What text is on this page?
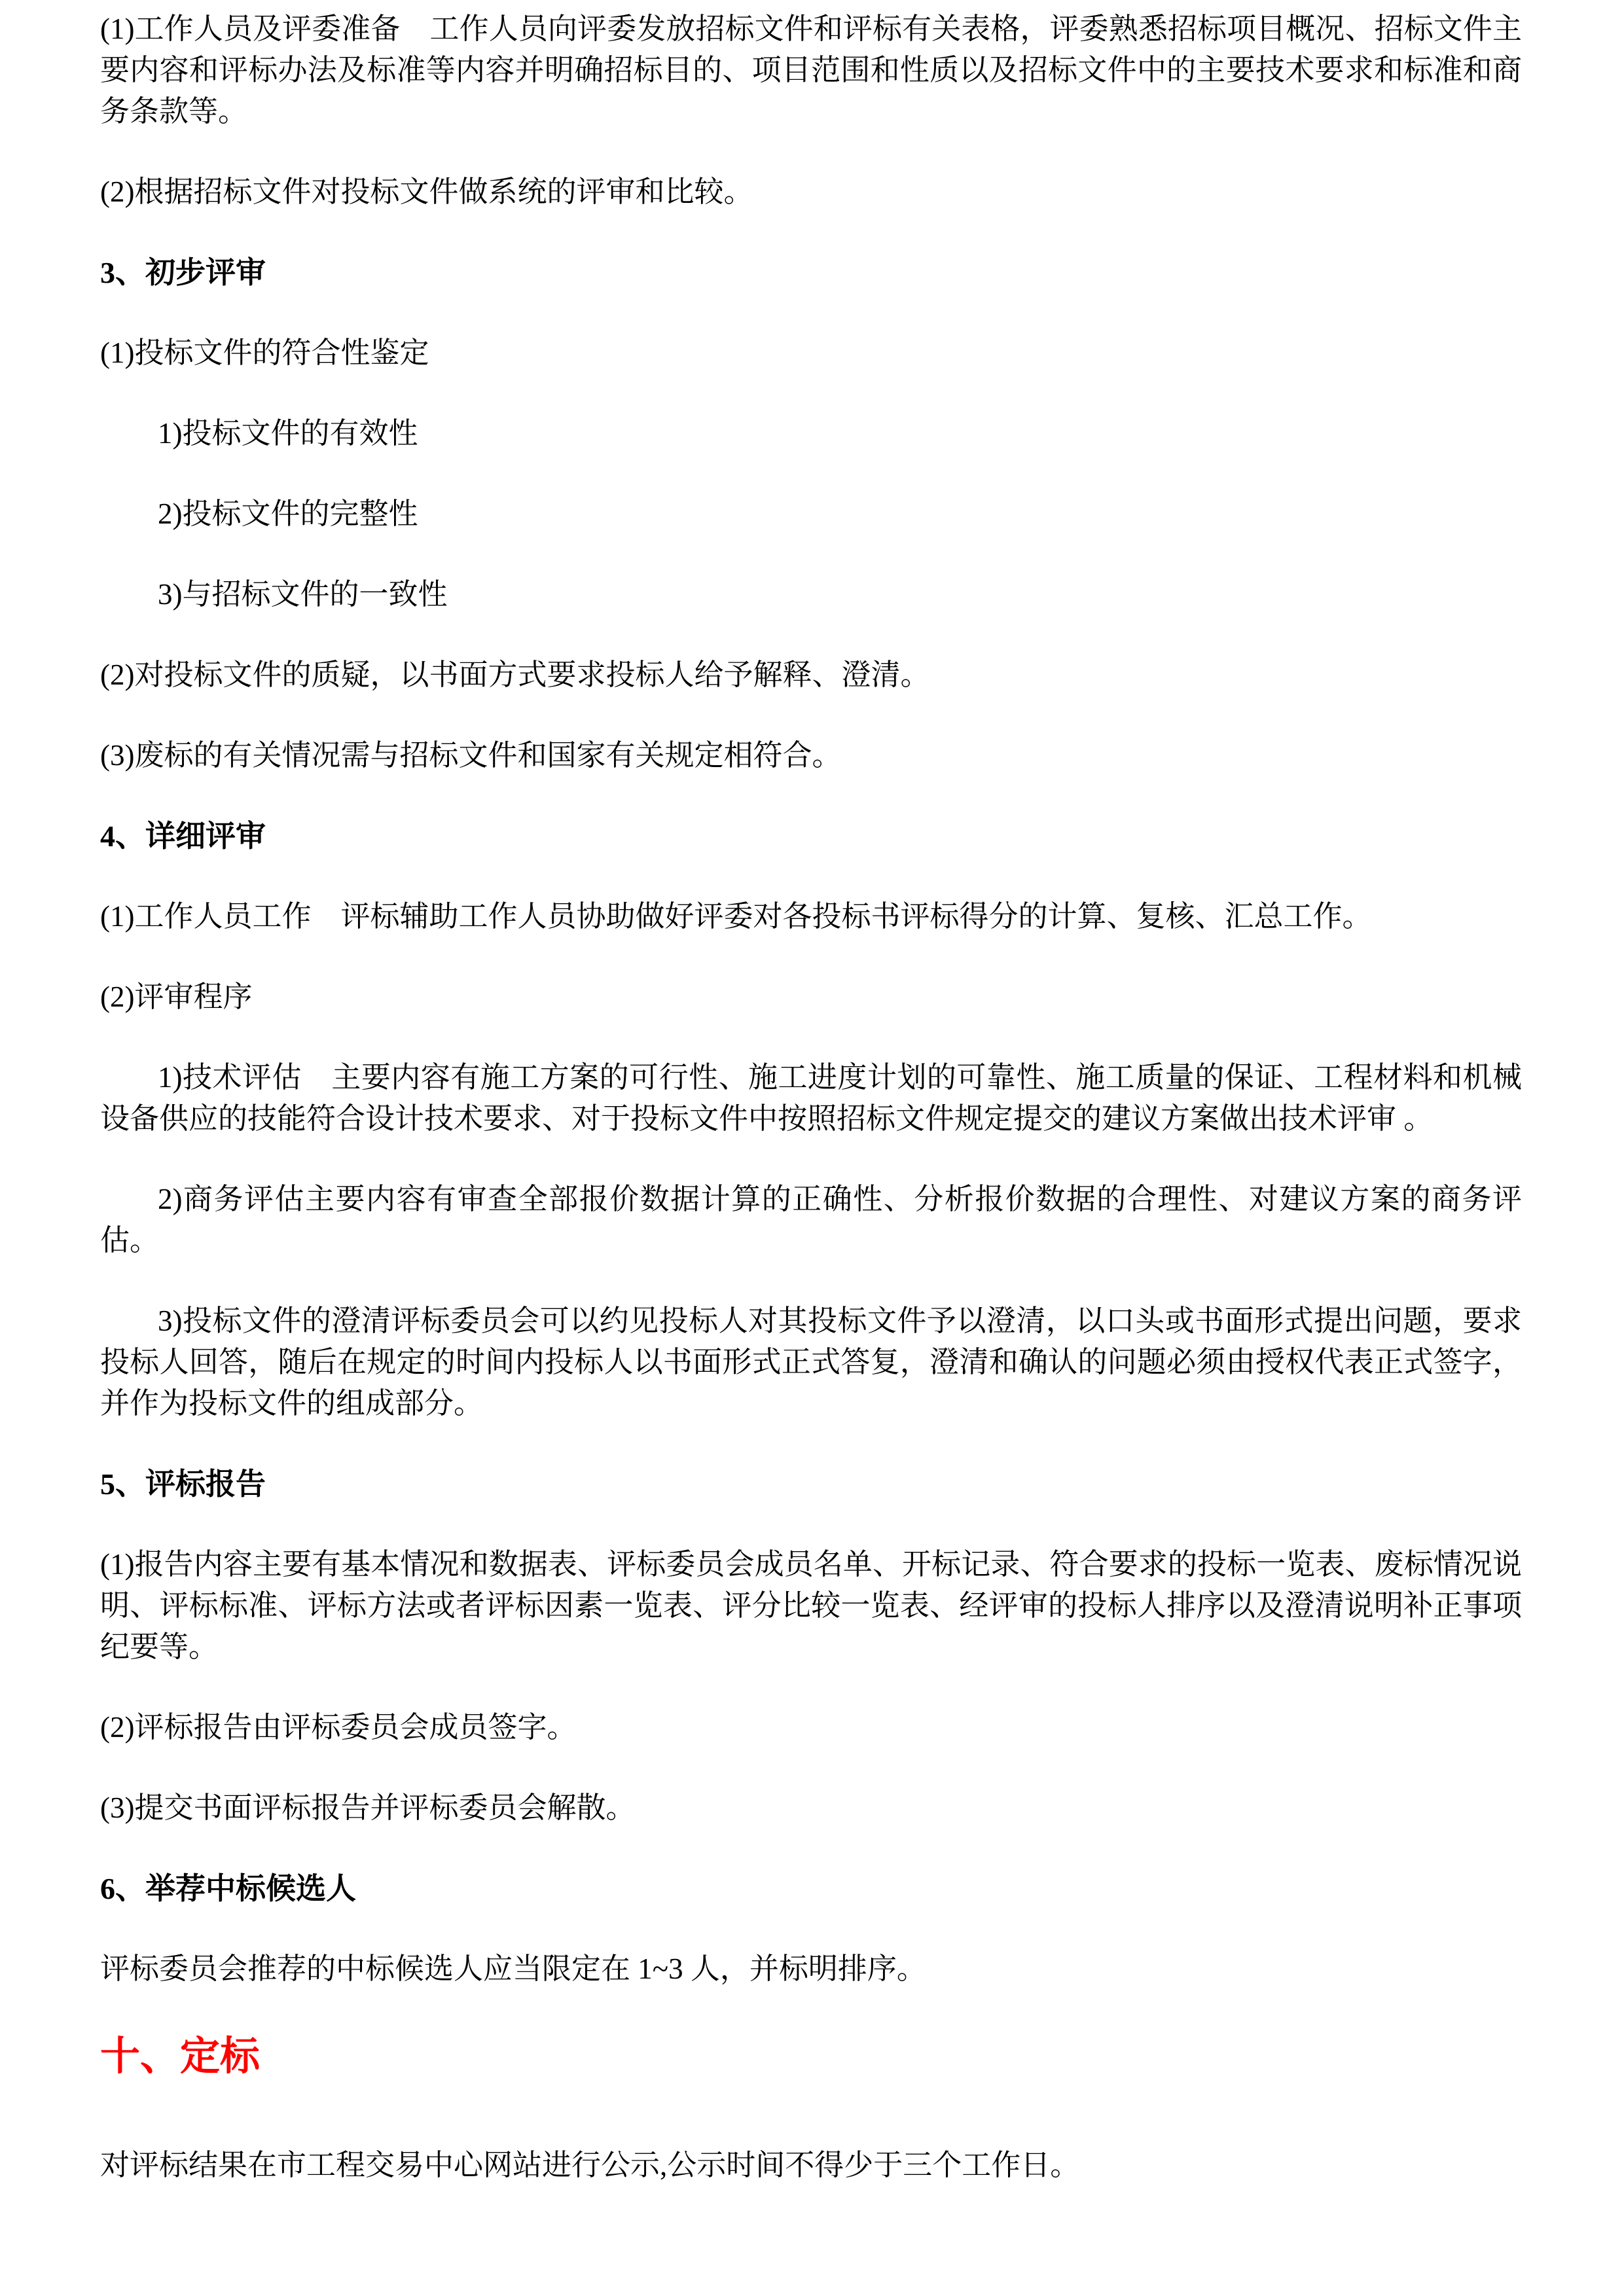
(1)工作人员及评委准备　工作人员向评委发放招标文件和评标有关表格，评委熟悉招标项目概况、招标文件主要内容和评标办法及标准等内容并明确招标目的、项目范围和性质以及招标文件中的主要技术要求和标准和商务条款等。
(2)根据招标文件对投标文件做系统的评审和比较。
3、初步评审
(1)投标文件的符合性鉴定
1)投标文件的有效性
2)投标文件的完整性
3)与招标文件的一致性
(2)对投标文件的质疑，以书面方式要求投标人给予解释、澄清。
(3)废标的有关情况需与招标文件和国家有关规定相符合。
4、详细评审
(1)工作人员工作　评标辅助工作人员协助做好评委对各投标书评标得分的计算、复核、汇总工作。
(2)评审程序
1)技术评估　主要内容有施工方案的可行性、施工进度计划的可靠性、施工质量的保证、工程材料和机械设备供应的技能符合设计技术要求、对于投标文件中按照招标文件规定提交的建议方案做出技术评审 。
2)商务评估主要内容有审查全部报价数据计算的正确性、分析报价数据的合理性、对建议方案的商务评估。
3)投标文件的澄清评标委员会可以约见投标人对其投标文件予以澄清，以口头或书面形式提出问题，要求投标人回答，随后在规定的时间内投标人以书面形式正式答复，澄清和确认的问题必须由授权代表正式签字，并作为投标文件的组成部分。
5、评标报告
(1)报告内容主要有基本情况和数据表、评标委员会成员名单、开标记录、符合要求的投标一览表、废标情况说明、评标标准、评标方法或者评标因素一览表、评分比较一览表、经评审的投标人排序以及澄清说明补正事项纪要等。
(2)评标报告由评标委员会成员签字。
(3)提交书面评标报告并评标委员会解散。
6、举荐中标候选人
评标委员会推荐的中标候选人应当限定在 1~3 人，并标明排序。
十、定标
对评标结果在市工程交易中心网站进行公示,公示时间不得少于三个工作日。
